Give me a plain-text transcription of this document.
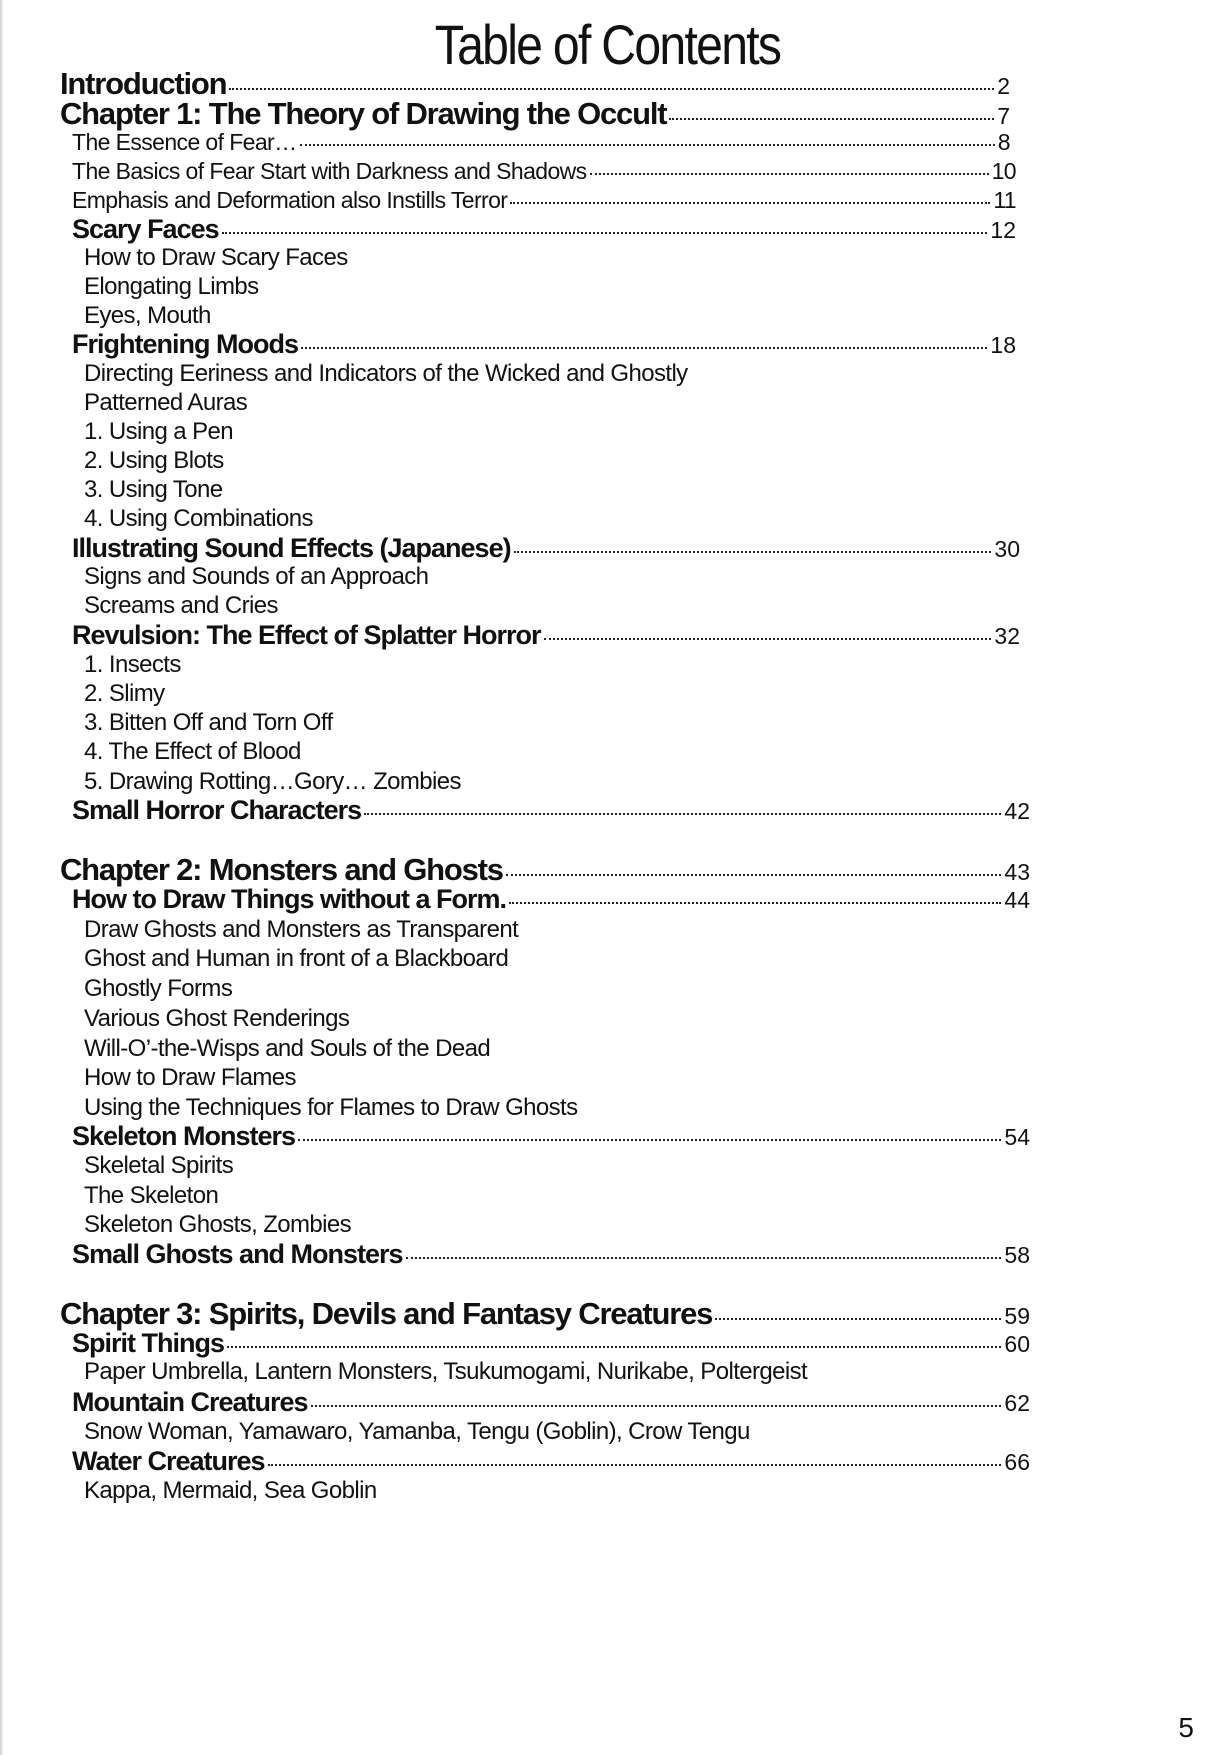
Table of Contents
Introduction	2
Chapter 1: The Theory of Drawing the Occult	7
The Essence of Fear…	8
The Basics of Fear Start with Darkness and Shadows	10
Emphasis and Deformation also Instills Terror	11
Scary Faces	12
How to Draw Scary Faces
Elongating Limbs
Eyes, Mouth
Frightening Moods	18
Directing Eeriness and Indicators of the Wicked and Ghostly
Patterned Auras
1. Using a Pen
2. Using Blots
3. Using Tone
4. Using Combinations
Illustrating Sound Effects (Japanese)	30
Signs and Sounds of an Approach
Screams and Cries
Revulsion: The Effect of Splatter Horror	32
1. Insects
2. Slimy
3. Bitten Off and Torn Off
4. The Effect of Blood
5. Drawing Rotting…Gory… Zombies
Small Horror Characters	42
Chapter 2: Monsters and Ghosts	43
How to Draw Things without a Form.	44
Draw Ghosts and Monsters as Transparent
Ghost and Human in front of a Blackboard
Ghostly Forms
Various Ghost Renderings
Will-O’-the-Wisps and Souls of the Dead
How to Draw Flames
Using the Techniques for Flames to Draw Ghosts
Skeleton Monsters	54
Skeletal Spirits
The Skeleton
Skeleton Ghosts, Zombies
Small Ghosts and Monsters	58
Chapter 3: Spirits, Devils and Fantasy Creatures	59
Spirit Things	60
Paper Umbrella, Lantern Monsters, Tsukumogami, Nurikabe, Poltergeist
Mountain Creatures	62
Snow Woman, Yamawaro, Yamanba, Tengu (Goblin), Crow Tengu
Water Creatures	66
Kappa, Mermaid, Sea Goblin
5
